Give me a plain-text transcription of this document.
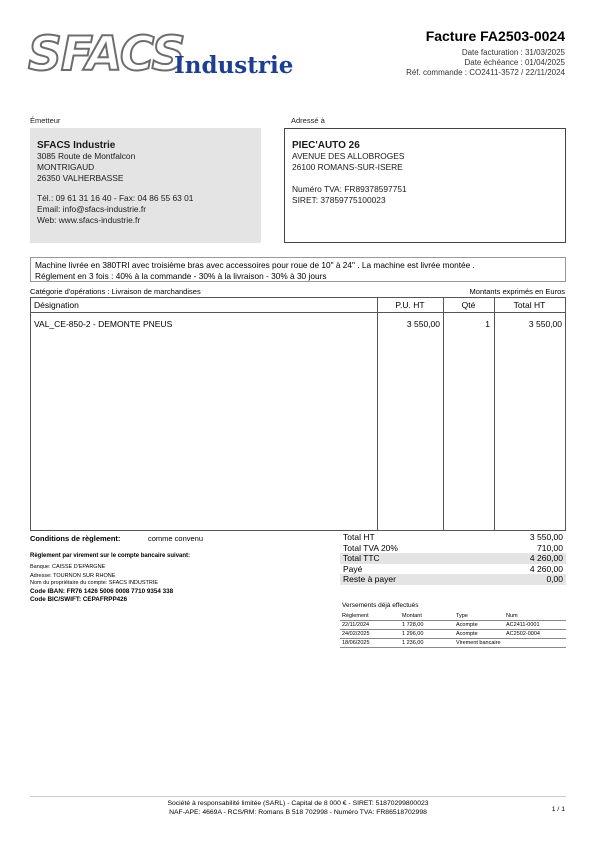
SFACS
Industrie
Facture FA2503-0024
Date facturation : 31/03/2025
Date échéance : 01/04/2025
Réf. commande : CO2411-3572 / 22/11/2024
Émetteur
SFACS Industrie
3085 Route de Montfalcon
MONTRIGAUD
26350 VALHERBASSE
Tél.: 09 61 31 16 40 - Fax: 04 86 55 63 01
Email: info@sfacs-industrie.fr
Web: www.sfacs-industrie.fr
Adressé à
PIEC'AUTO 26
AVENUE DES ALLOBROGES
26100 ROMANS-SUR-ISERE
Numéro TVA: FR89378597751
SIRET: 37859775100023
Machine livrée en 380TRI avec troisième bras avec accessoires pour roue de 10" à 24" . La machine est livrée montée .
Réglement en 3 fois : 40% à la commande - 30% à la livraison - 30% à 30 jours
Catégorie d'opérations : Livraison de marchandises	Montants exprimés en Euros
Désignation	P.U. HT	Qté	Total HT
VAL_CE-850-2 - DEMONTE PNEUS	3 550,00	1	3 550,00
Conditions de règlement:	comme convenu
Règlement par virement sur le compte bancaire suivant:
Banque: CAISSE D'EPARGNE
Adresse: TOURNON SUR RHONE
Nom du propriétaire du compte: SFACS INDUSTRIE
Code IBAN: FR76 1426 5006 0008 7710 9354 338
Code BIC/SWIFT: CEPAFRPP426
Total HT	3 550,00
Total TVA 20%	710,00
Total TTC	4 260,00
Payé	4 260,00
Reste à payer	0,00
Versements déjà effectués
Règlement	Montant	Type	Num
22/11/2024	1 728,00	Acompte	AC2411-0001
24/02/2025	1 296,00	Acompte	AC2502-0004
18/06/2025	1 236,00	Virement bancaire
Société à responsabilité limitée (SARL) - Capital de 8 000 € - SIRET: 51870299800023
NAF-APE: 4669A - RCS/RM: Romans B 518 702998 - Numéro TVA: FR86518702998	1 / 1
